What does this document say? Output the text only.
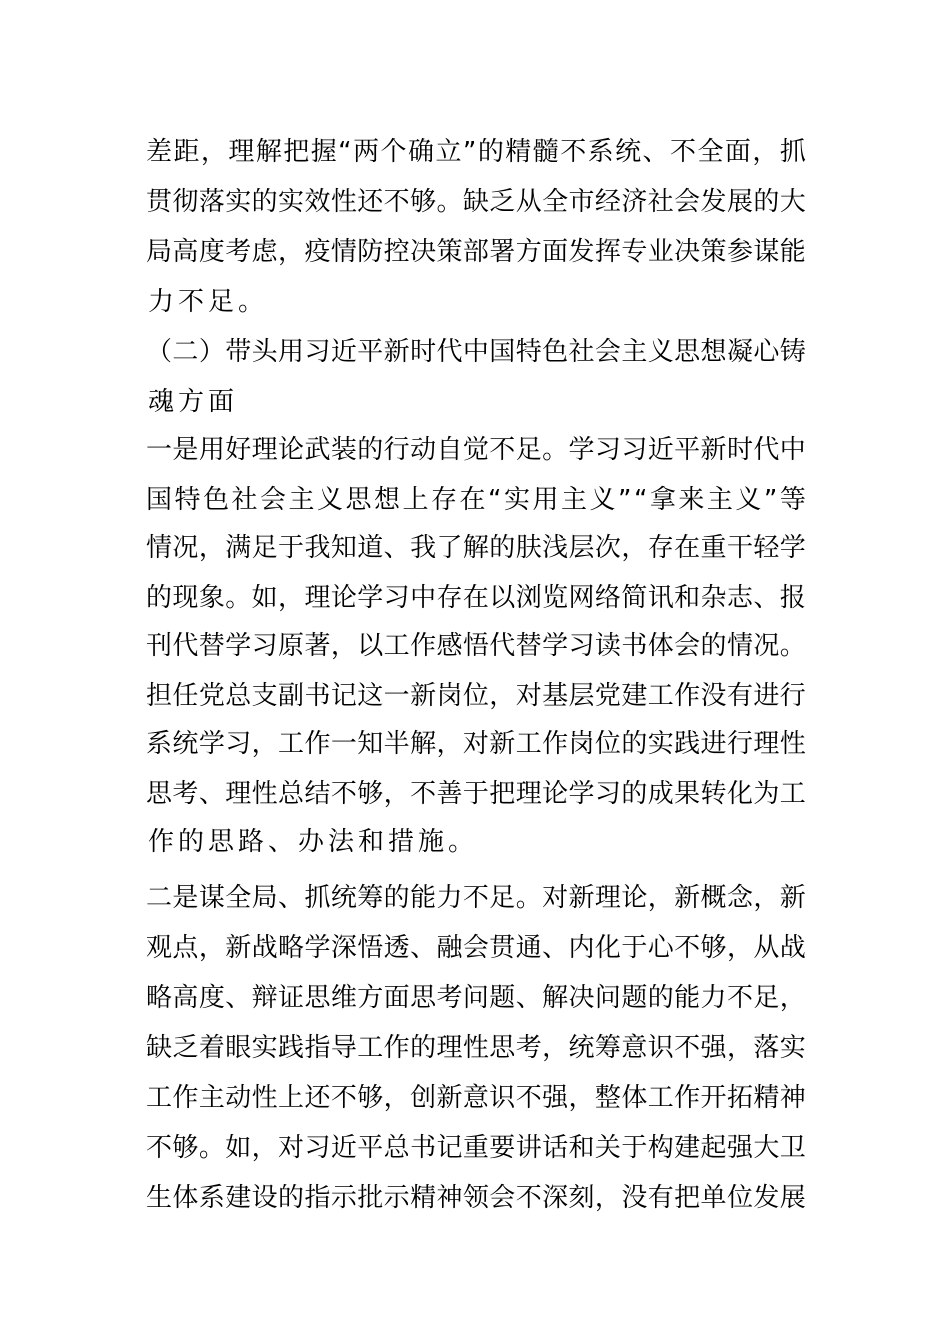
差 距 ， 理 解 把 握 “ 两 个 确 立 ” 的 精 髓 不 系 统 、 不 全 面 ， 抓
贯 彻 落 实 的 实 效 性 还 不 够 。 缺 乏 从 全 市 经 济 社 会 发 展 的 大
局 高 度 考 虑 ， 疫 情 防 控 决 策 部 署 方 面 发 挥 专 业 决 策 参 谋 能
力 不 足 。
（ 二 ） 带 头 用 习 近 平 新 时 代 中 国 特 色 社 会 主 义 思 想 凝 心 铸
魂 方 面
一 是 用 好 理 论 武 装 的 行 动 自 觉 不 足 。 学 习 习 近 平 新 时 代 中
国 特 色 社 会 主 义 思 想 上 存 在 “ 实 用 主 义 ” “ 拿 来 主 义 ” 等
情 况 ， 满 足 于 我 知 道 、 我 了 解 的 肤 浅 层 次 ， 存 在 重 干 轻 学
的 现 象 。 如 ， 理 论 学 习 中 存 在 以 浏 览 网 络 简 讯 和 杂 志 、 报
刊 代 替 学 习 原 著 ， 以 工 作 感 悟 代 替 学 习 读 书 体 会 的 情 况 。
担 任 党 总 支 副 书 记 这 一 新 岗 位 ， 对 基 层 党 建 工 作 没 有 进 行
系 统 学 习 ， 工 作 一 知 半 解 ， 对 新 工 作 岗 位 的 实 践 进 行 理 性
思 考 、 理 性 总 结 不 够 ， 不 善 于 把 理 论 学 习 的 成 果 转 化 为 工
作 的 思 路 、 办 法 和 措 施 。
二 是 谋 全 局 、 抓 统 筹 的 能 力 不 足 。 对 新 理 论 ， 新 概 念 ， 新
观 点 ， 新 战 略 学 深 悟 透 、 融 会 贯 通 、 内 化 于 心 不 够 ， 从 战
略 高 度 、 辩 证 思 维 方 面 思 考 问 题 、 解 决 问 题 的 能 力 不 足 ，
缺 乏 着 眼 实 践 指 导 工 作 的 理 性 思 考 ， 统 筹 意 识 不 强 ， 落 实
工 作 主 动 性 上 还 不 够 ， 创 新 意 识 不 强 ， 整 体 工 作 开 拓 精 神
不 够 。 如 ， 对 习 近 平 总 书 记 重 要 讲 话 和 关 于 构 建 起 强 大 卫
生 体 系 建 设 的 指 示 批 示 精 神 领 会 不 深 刻 ， 没 有 把 单 位 发 展
